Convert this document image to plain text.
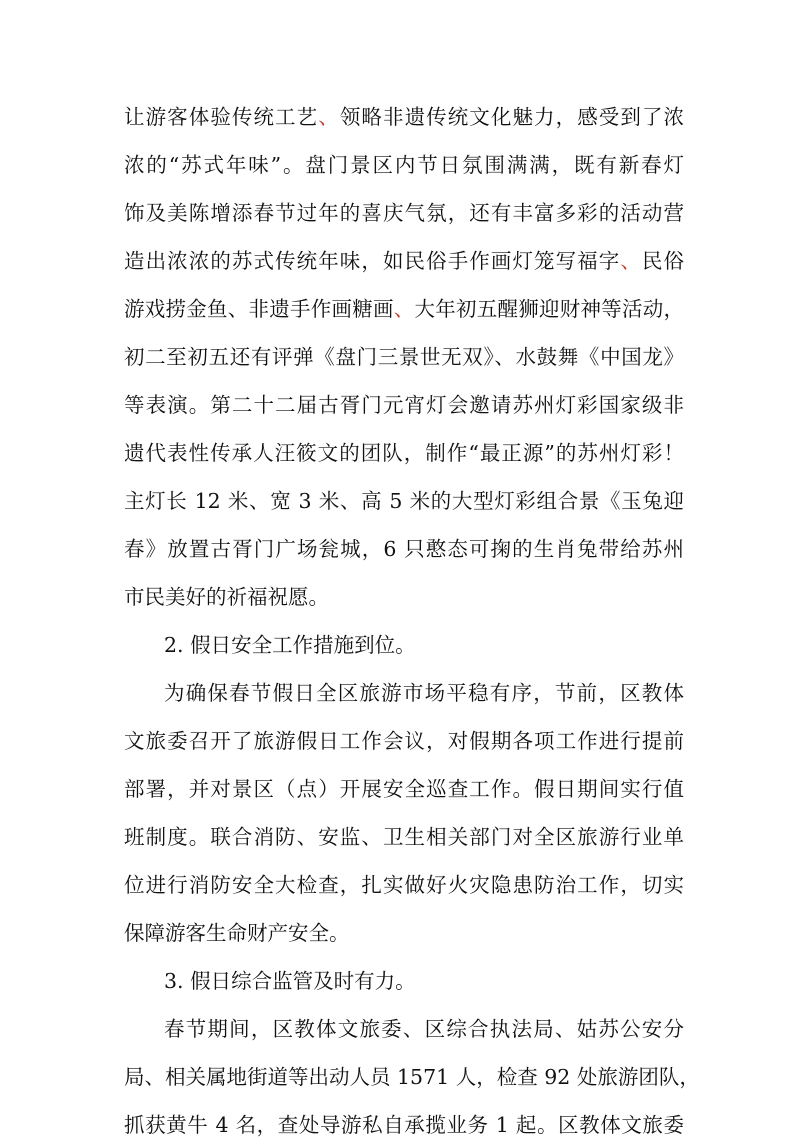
让游客体验传统工艺、领略非遗传统文化魅力，感受到了浓
浓的“苏式年味”。盘门景区内节日氛围满满，既有新春灯
饰及美陈增添春节过年的喜庆气氛，还有丰富多彩的活动营
造出浓浓的苏式传统年味，如民俗手作画灯笼写福字、民俗
游戏捞金鱼、非遗手作画糖画、大年初五醒狮迎财神等活动，
初二至初五还有评弹《盘门三景世无双》、水鼓舞《中国龙》
等表演。第二十二届古胥门元宵灯会邀请苏州灯彩国家级非
遗代表性传承人汪筱文的团队，制作“最正源”的苏州灯彩！
主灯长 12 米、宽 3 米、高 5 米的大型灯彩组合景《玉兔迎
春》放置古胥门广场瓮城，6 只憨态可掬的生肖兔带给苏州
市民美好的祈福祝愿。
2. 假日安全工作措施到位。
为确保春节假日全区旅游市场平稳有序，节前，区教体
文旅委召开了旅游假日工作会议，对假期各项工作进行提前
部署，并对景区（点）开展安全巡查工作。假日期间实行值
班制度。联合消防、安监、卫生相关部门对全区旅游行业单
位进行消防安全大检查，扎实做好火灾隐患防治工作，切实
保障游客生命财产安全。
3. 假日综合监管及时有力。
春节期间，区教体文旅委、区综合执法局、姑苏公安分
局、相关属地街道等出动人员 1571 人，检查 92 处旅游团队，
抓获黄牛 4 名，查处导游私自承揽业务 1 起。区教体文旅委
